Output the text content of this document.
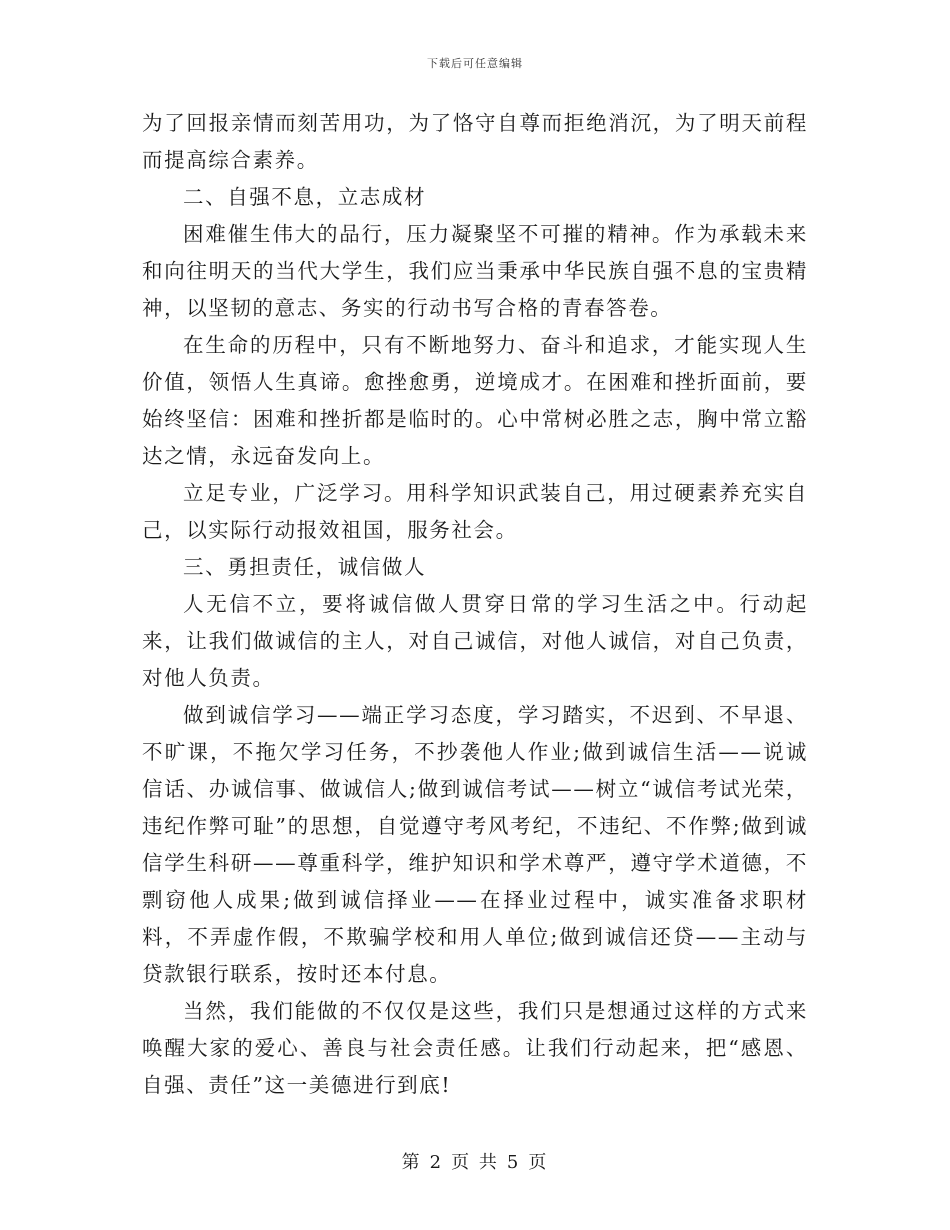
下载后可任意编辑

为了回报亲情而刻苦用功，为了恪守自尊而拒绝消沉，为了明天前程而提高综合素养。

二、自强不息，立志成材

困难催生伟大的品行，压力凝聚坚不可摧的精神。作为承载未来和向往明天的当代大学生，我们应当秉承中华民族自强不息的宝贵精神，以坚韧的意志、务实的行动书写合格的青春答卷。

在生命的历程中，只有不断地努力、奋斗和追求，才能实现人生价值，领悟人生真谛。愈挫愈勇，逆境成才。在困难和挫折面前，要始终坚信：困难和挫折都是临时的。心中常树必胜之志，胸中常立豁达之情，永远奋发向上。

立足专业，广泛学习。用科学知识武装自己，用过硬素养充实自己，以实际行动报效祖国，服务社会。

三、勇担责任，诚信做人

人无信不立，要将诚信做人贯穿日常的学习生活之中。行动起来，让我们做诚信的主人，对自己诚信，对他人诚信，对自己负责，对他人负责。

做到诚信学习——端正学习态度，学习踏实，不迟到、不早退、不旷课，不拖欠学习任务，不抄袭他人作业;做到诚信生活——说诚信话、办诚信事、做诚信人;做到诚信考试——树立“诚信考试光荣，违纪作弊可耻”的思想，自觉遵守考风考纪，不违纪、不作弊;做到诚信学生科研——尊重科学，维护知识和学术尊严，遵守学术道德，不剽窃他人成果;做到诚信择业——在择业过程中，诚实准备求职材料，不弄虚作假，不欺骗学校和用人单位;做到诚信还贷——主动与贷款银行联系，按时还本付息。

当然，我们能做的不仅仅是这些，我们只是想通过这样的方式来唤醒大家的爱心、善良与社会责任感。让我们行动起来，把“感恩、自强、责任”这一美德进行到底!

第 2 页 共 5 页
